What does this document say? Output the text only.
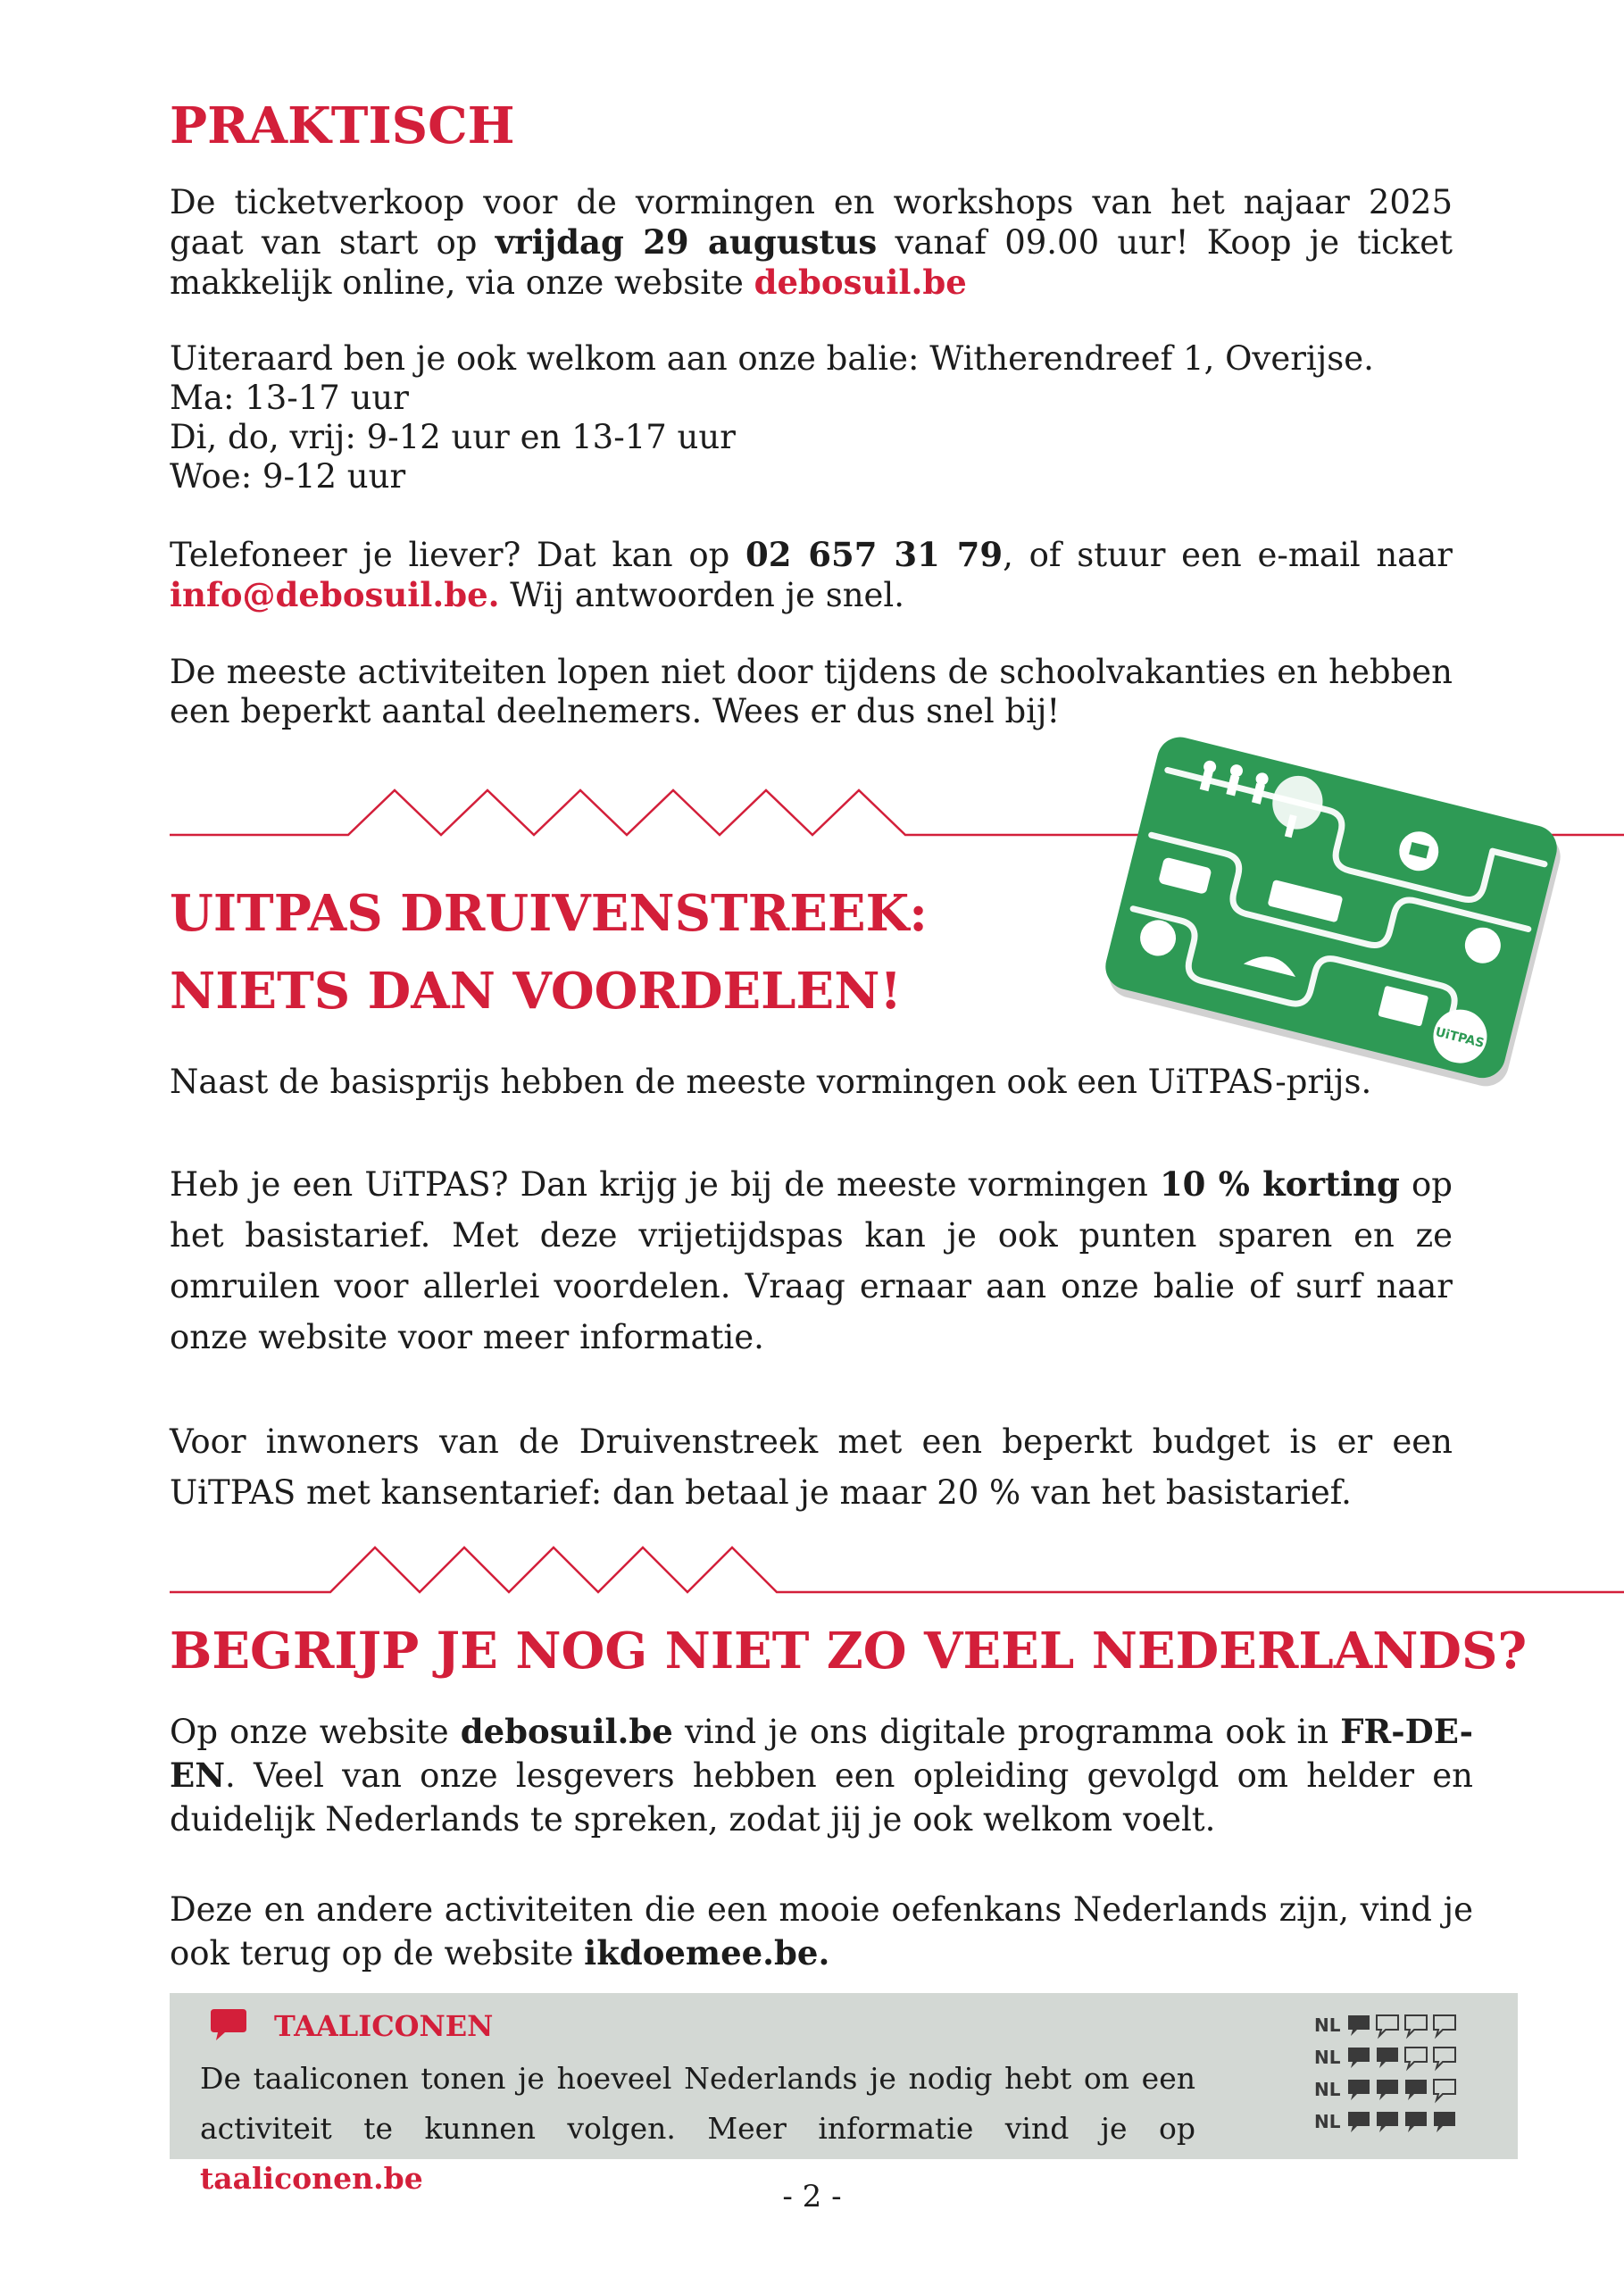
PRAKTISCH

De ticketverkoop voor de vormingen en workshops van het najaar 2025 gaat van start op vrijdag 29 augustus vanaf 09.00 uur! Koop je ticket makkelijk online, via onze website debosuil.be

Uiteraard ben je ook welkom aan onze balie: Witherendreef 1, Overijse.
Ma: 13-17 uur
Di, do, vrij: 9-12 uur en 13-17 uur
Woe: 9-12 uur

Telefoneer je liever? Dat kan op 02 657 31 79, of stuur een e-mail naar info@debosuil.be. Wij antwoorden je snel.

De meeste activiteiten lopen niet door tijdens de schoolvakanties en hebben een beperkt aantal deelnemers. Wees er dus snel bij!

UiTPAS
UITPAS DRUIVENSTREEK:
NIETS DAN VOORDELEN!

Naast de basisprijs hebben de meeste vormingen ook een UiTPAS-prijs.

Heb je een UiTPAS? Dan krijg je bij de meeste vormingen 10 % korting op het basistarief. Met deze vrijetijdspas kan je ook punten sparen en ze omruilen voor allerlei voordelen. Vraag ernaar aan onze balie of surf naar onze website voor meer informatie.

Voor inwoners van de Druivenstreek met een beperkt budget is er een UiTPAS met kansentarief: dan betaal je maar 20 % van het basistarief.

BEGRIJP JE NOG NIET ZO VEEL NEDERLANDS?

Op onze website debosuil.be vind je ons digitale programma ook in FR-DE-EN. Veel van onze lesgevers hebben een opleiding gevolgd om helder en duidelijk Nederlands te spreken, zodat jij je ook welkom voelt.

Deze en andere activiteiten die een mooie oefenkans Nederlands zijn, vind je ook terug op de website ikdoemee.be.

TAALICONEN

De taaliconen tonen je hoeveel Nederlands je nodig hebt om een activiteit te kunnen volgen. Meer informatie vind je op taaliconen.be

NL
NL
NL
NL
- 2 -
